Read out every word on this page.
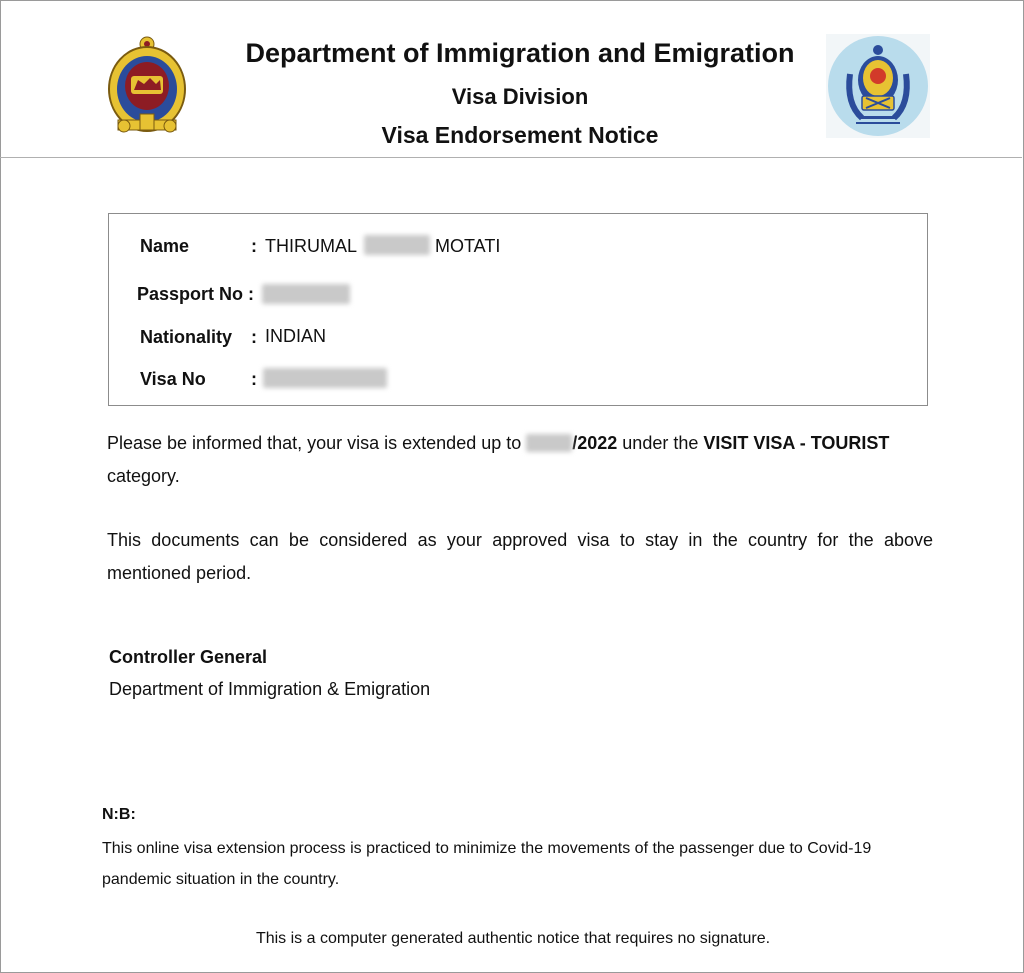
Department of Immigration and Emigration
Visa Division
Visa Endorsement Notice
Name	: THIRUMAL	MOTATI
Passport No :
Nationality : INDIAN
Visa No	:
Please be informed that, your visa is extended up to	/2022 under the VISIT VISA - TOURIST
category.
This documents can be considered as your approved visa to stay in the country for the above
mentioned period.
Controller General
Department of Immigration & Emigration
N:B:
This online visa extension process is practiced to minimize the movements of the passenger due to Covid-19 pandemic situation in the country.
This is a computer generated authentic notice that requires no signature.
